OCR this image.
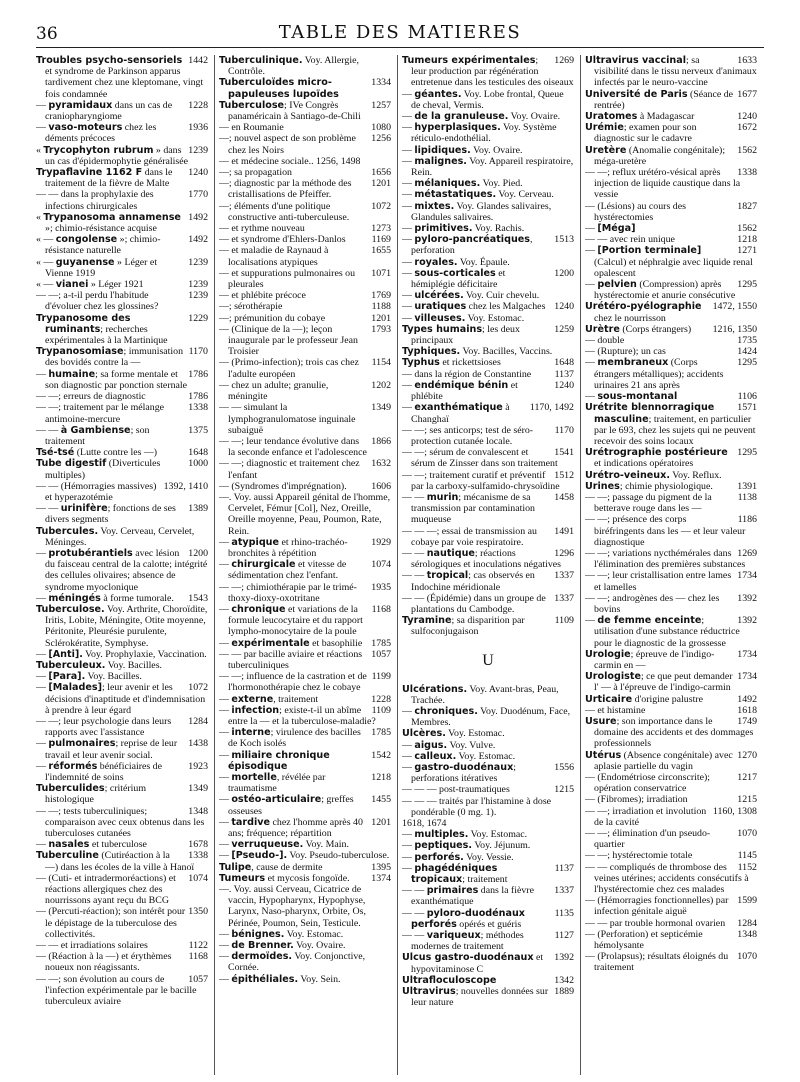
36	TABLE DES MATIERES
1442
Troubles psycho-sensoriels et syndrome de Parkinson apparus tardivement chez une kleptomane, vingt fois condamnée
1228
— pyramidaux dans un cas de craniopharyngiome
1936
— vaso-moteurs chez les déments précoces
1239
« Trycophyton rubrum » dans un cas d'épidermophytie généralisée
1240
Trypaflavine 1162 F dans le traitement de la fièvre de Malte
1770
— — dans la prophylaxie des infections chirurgicales
1492
« Trypanosoma annamense »; chimio-résistance acquise
1492
« — congolense »; chimio-résistance naturelle
1239
« — guyanense » Léger et Vienne 1919
1239
« — vianei » Léger 1921
1239
— —; a-t-il perdu l'habitude d'évoluer chez les glossines?
1229
Trypanosome des ruminants; recherches expérimentales à la Martinique
1170
Trypanosomiase; immunisation des bovidés contre la —
1786
— humaine; sa forme mentale et son diagnostic par ponction sternale
1786
— —; erreurs de diagnostic
1338
— —; traitement par le mélange antimoine-mercure
1375
— — à Gambiense; son traitement
1648
Tsé-tsé (Lutte contre les —)
1000
Tube digestif (Diverticules multiples)
1392, 1410
— — (Hémorragies massives) et hyperazotémie
1389
— — urinifère; fonctions de ses divers segments
Tubercules. Voy. Cerveau, Cervelet, Méninges.
1200
— protubérantiels avec lésion du faisceau central de la calotte; intégrité des cellules olivaires; absence de syndrome myoclonique
1543
— méningés à forme tumorale.
Tuberculose. Voy. Arthrite, Choroïdite, Iritis, Lobite, Méningite, Otite moyenne, Péritonite, Pleurésie purulente, Sclérokératite, Symphyse.
— [Anti]. Voy. Prophylaxie, Vaccination.
Tuberculeux. Voy. Bacilles.
— [Para]. Voy. Bacilles.
1072
— [Malades]; leur avenir et les décisions d'inaptitude et d'indemnisation à prendre à leur égard
1284
— —; leur psychologie dans leurs rapports avec l'assistance
1438
— pulmonaires; reprise de leur travail et leur avenir social.
1923
— réformés bénéficiaires de l'indemnité de soins
1349
Tuberculides; critérium histologique
1348
— —; tests tuberculiniques; comparaison avec ceux obtenus dans les tuberculoses cutanées
1678
— nasales et tuberculose
1338
Tuberculine (Cutiréaction à la —) dans les écoles de la ville à Hanoï
1074
— (Cuti- et intradermoréactions) et réactions allergiques chez des nourrissons ayant reçu du BCG
1350
— (Percuti-réaction); son intérêt pour le dépistage de la tuberculose des collectivités.
1122
— — et irradiations solaires
1168
— (Réaction à la —) et érythèmes noueux non réagissants.
1057
— —; son évolution au cours de l'infection expérimentale par le bacille tuberculeux aviaire
Tuberculinique. Voy. Allergie, Contrôle.
1334
Tuberculoïdes micro-papuleuses lupoïdes
1257
Tuberculose; IVe Congrès panaméricain à Santiago-de-Chili
1080
— en Roumanie
1256
—; nouvel aspect de son problème chez les Noirs
— et médecine sociale.. 1256, 1498
1656
—; sa propagation
1201
—; diagnostic par la méthode des cristallisations de Pfeiffer.
1072
—; éléments d'une politique constructive anti-tuberculeuse.
1273
— et rythme nouveau
1169
— et syndrome d'Ehlers-Danlos
1655
— et maladie de Raynaud à localisations atypiques
1071
— et suppurations pulmonaires ou pleurales
1769
— et phlébite précoce
1188
—; sérothérapie
1201
—; prémunition du cobaye
1793
— (Clinique de la —); leçon inaugurale par le professeur Jean Troisier
1154
— (Primo-infection); trois cas chez l'adulte européen
1202
— chez un adulte; granulie, méningite
1349
— — simulant la lymphogranulomatose inguinale subaiguë
1866
— —; leur tendance évolutive dans la seconde enfance et l'adolescence
1632
— —; diagnostic et traitement chez l'enfant
1606
— (Syndromes d'imprégnation).
—. Voy. aussi Appareil génital de l'homme, Cervelet, Fémur [Col], Nez, Oreille, Oreille moyenne, Peau, Poumon, Rate, Rein.
1929
— atypique et rhino-trachéo-bronchites à répétition
1074
— chirurgicale et vitesse de sédimentation chez l'enfant.
1935
— —; chimiothérapie par le trimé-thoxy-dioxy-oxotritane
1168
— chronique et variations de la formule leucocytaire et du rapport lympho-monocytaire de la poule
1785
— expérimentale et basophilie
1057
— — par bacille aviaire et réactions tuberculiniques
1199
— —; influence de la castration et de l'hormonothérapie chez le cobaye
1228
— externe, traitement
1109
— infection; existe-t-il un abîme entre la — et la tuberculose-maladie?
1785
— interne; virulence des bacilles de Koch isolés
1542
— miliaire chronique épisodique
1218
— mortelle, révélée par traumatisme
1455
— ostéo-articulaire; greffes osseuses
1201
— tardive chez l'homme après 40 ans; fréquence; répartition
— verruqueuse. Voy. Main.
— [Pseudo-]. Voy. Pseudo-tuberculose.
1395
Tulipe, cause de dermite
1374
Tumeurs et mycosis fongoïde.
—. Voy. aussi Cerveau, Cicatrice de vaccin, Hypopharynx, Hypophyse, Larynx, Naso-pharynx, Orbite, Os, Périnée, Poumon, Sein, Testicule.
— bénignes. Voy. Estomac.
— de Brenner. Voy. Ovaire.
— dermoïdes. Voy. Conjonctive, Cornée.
— épithéliales. Voy. Sein.
1269
Tumeurs expérimentales; leur production par régénération entretenue dans les testicules des oiseaux
— géantes. Voy. Lobe frontal, Queue de cheval, Vermis.
— de la granuleuse. Voy. Ovaire.
— hyperplasiques. Voy. Système réticulo-endothélial.
— lipidiques. Voy. Ovaire.
— malignes. Voy. Appareil respiratoire, Rein.
— mélaniques. Voy. Pied.
— métastatiques. Voy. Cerveau.
— mixtes. Voy. Glandes salivaires, Glandules salivaires.
— primitives. Voy. Rachis.
1513
— pyloro-pancréatiques, perforation
— royales. Voy. Épaule.
1200
— sous-corticales et hémiplégie déficitaire
— ulcérées. Voy. Cuir chevelu.
1240
— uratiques chez les Malgaches
— villeuses. Voy. Estomac.
1259
Types humains; les deux principaux
Typhiques. Voy. Bacilles, Vaccins.
1648
Typhus et rickettsioses
1137
— dans la région de Constantine
1240
— endémique bénin et phlébite
1170, 1492
— exanthématique à Changhaï
1170
— —; ses anticorps; test de séro-protection cutanée locale.
1541
— —; sérum de convalescent et sérum de Zinsser dans son traitement
1512
— —; traitement curatif et préventif par la carboxy-sulfamido-chrysoïdine
1458
— — murin; mécanisme de sa transmission par contamination muqueuse
1491
— — —; essai de transmission au cobaye par voie respiratoire.
1296
— — nautique; réactions sérologiques et inoculations négatives
1337
— — tropical; cas observés en Indochine méridionale
1337
— — (Épidémie) dans un groupe de plantations du Cambodge.
1109
Tyramine; sa disparition par sulfoconjugaison
U
Ulcérations. Voy. Avant-bras, Peau, Trachée.
— chroniques. Voy. Duodénum, Face, Membres.
Ulcères. Voy. Estomac.
— aigus. Voy. Vulve.
— calleux. Voy. Estomac.
1556
— gastro-duodénaux; perforations itératives
1215
— — — post-traumatiques
— — — traités par l'histamine à dose pondérable (0 mg. 1).
1618, 1674
— multiples. Voy. Estomac.
— peptiques. Voy. Jéjunum.
— perforés. Voy. Vessie.
1137
— phagédéniques tropicaux; traitement
1337
— — primaires dans la fièvre exanthématique
1135
— — pyloro-duodénaux perforés opérés et guéris
1127
— — variqueux; méthodes modernes de traitement
1392
Ulcus gastro-duodénaux et hypovitaminose C
1342
Ultrafloculoscope
1889
Ultravirus; nouvelles données sur leur nature
1633
Ultravirus vaccinal; sa visibilité dans le tissu nerveux d'animaux infectés par le neuro-vaccine
1677
Université de Paris (Séance de rentrée)
1240
Uratomes à Madagascar
1672
Urémie; examen pour son diagnostic sur le cadavre
1562
Uretère (Anomalie congénitale); méga-uretère
1338
— —; reflux urétéro-vésical après injection de liquide caustique dans la vessie
1827
— (Lésions) au cours des hystérectomies
1562
— [Méga]
1218
— — avec rein unique
1271
— [Portion terminale] (Calcul) et néphralgie avec liquide renal opalescent
1295
— pelvien (Compression) après hystérectomie et anurie consécutive
1472, 1550
Urétéro-pyélographie chez le nourrisson
1216, 1350
Urètre (Corps étrangers)
1735
— double
1424
— (Rupture); un cas
1295
— membraneux (Corps étrangers métalliques); accidents urinaires 21 ans après
1106
— sous-montanal
1571
Urétrite blennorragique masculine; traitement, en particulier par le 693, chez les sujets qui ne peuvent recevoir des soins locaux
1295
Urétrographie postérieure et indications opératoires
Urétro-veineux. Voy. Reflux.
1391
Urines; chimie physiologique.
1138
— —; passage du pigment de la betterave rouge dans les —
1186
— —; présence des corps biréfringents dans les — et leur valeur diagnostique
1269
— —; variations nycthémérales dans l'élimination des premières substances
1734
— —; leur cristallisation entre lames et lamelles
1392
— —; androgènes des — chez les bovins
1392
— de femme enceinte; utilisation d'une substance réductrice pour le diagnostic de la grossesse
1734
Urologie; épreuve de l'indigo-carmin en —
1734
Urologiste; ce que peut demander l' — à l'épreuve de l'indigo-carmin
1492
Urticaire d'origine palustre
1618
— et histamine
1749
Usure; son importance dans le domaine des accidents et des dommages professionnels
1270
Utérus (Absence congénitale) avec aplasie partielle du vagin
1217
— (Endométriose circonscrite); opération conservatrice
1215
— (Fibromes); irradiation
1160, 1308
— —; irradiation et involution de la cavité
1070
— —; élimination d'un pseudo-quartier
1145
— —; hystérectomie totale
1152
— — compliqués de thrombose des veines utérines; accidents consécutifs à l'hystérectomie chez ces malades
1599
— (Hémorragies fonctionnelles) par infection génitale aiguë
1284
— — par trouble hormonal ovarien
1348
— (Perforation) et septicémie hémolysante
1070
— (Prolapsus); résultats éloignés du traitement
